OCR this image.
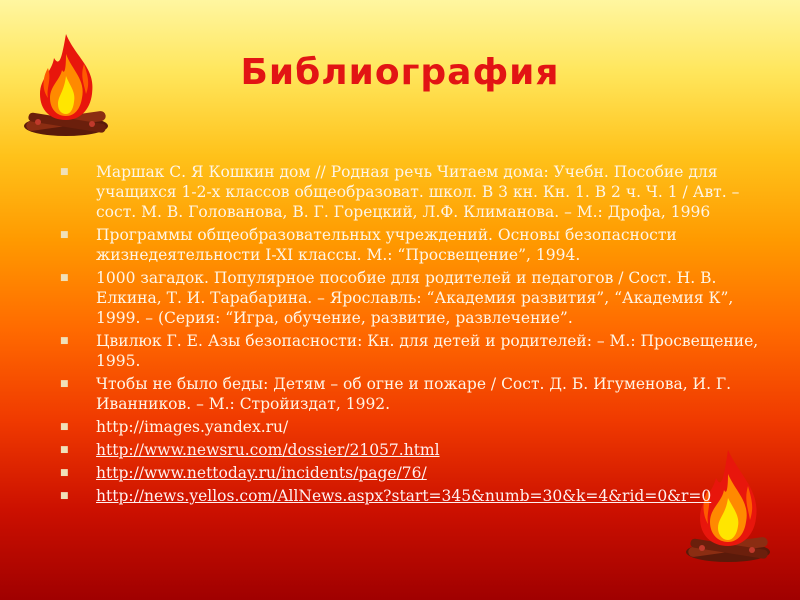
Библиография
■ Маршак С. Я Кошкин дом // Родная речь Читаем дома: Учебн. Пособие для учащихся 1-2-х классов общеобразоват. школ. В 3 кн. Кн. 1. В 2 ч. Ч. 1 / Авт. – сост. М. В. Голованова, В. Г. Горецкий, Л.Ф. Климанова. – М.: Дрофа, 1996
■ Программы общеобразовательных учреждений. Основы безопасности жизнедеятельности I-XI классы. М.: “Просвещение”, 1994.
■ 1000 загадок. Популярное пособие для родителей и педагогов / Сост. Н. В. Елкина, Т. И. Тарабарина. – Ярославль: “Академия развития”, “Академия К”, 1999. – (Серия: “Игра, обучение, развитие, развлечение”.
■ Цвилюк Г. Е. Азы безопасности: Кн. для детей и родителей: – М.: Просвещение, 1995.
■ Чтобы не было беды: Детям – об огне и пожаре / Сост. Д. Б. Игуменова, И. Г. Иванников. – М.: Стройиздат, 1992.
■ http://images.yandex.ru/
■ http://www.newsru.com/dossier/21057.html
■ http://www.nettoday.ru/incidents/page/76/
■ http://news.yellos.com/AllNews.aspx?start=345&numb=30&k=4&rid=0&r=0
